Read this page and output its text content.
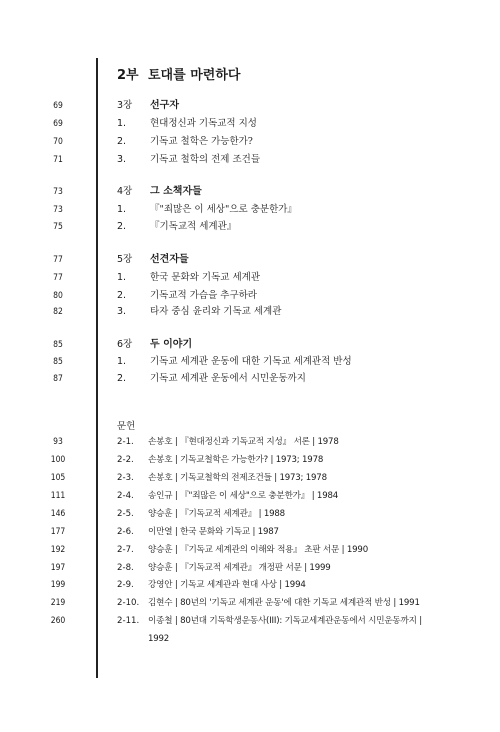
2부 토대를 마련하다
69	3장 선구자
69	1.	현대정신과 기독교적 지성
70	2.	기독교 철학은 가능한가?
71	3.	기독교 철학의 전제 조건들
73	4장 그 소책자들
73	1.	『"죄많은 이 세상"으로 충분한가』
75	2.	『기독교적 세계관』
77	5장 선견자들
77	1.	한국 문화와 기독교 세계관
80	2.	기독교적 가슴을 추구하라
82	3.	타자 중심 윤리와 기독교 세계관
85	6장 두 이야기
85	1.	기독교 세계관 운동에 대한 기독교 세계관적 반성
87	2.	기독교 세계관 운동에서 시민운동까지
문헌
93	2-1. 손봉호 | 『현대정신과 기독교적 지성』 서론 | 1978
100	2-2. 손봉호 | 기독교철학은 가능한가? | 1973; 1978
105	2-3. 손봉호 | 기독교철학의 전제조건들 | 1973; 1978
111	2-4. 송인규 | 『"죄많은 이 세상"으로 충분한가』 | 1984
146	2-5. 양승훈 | 『기독교적 세계관』 | 1988
177	2-6. 이만열 | 한국 문화와 기독교 | 1987
192	2-7. 양승훈 | 『기독교 세계관의 이해와 적용』 초판 서문 | 1990
197	2-8. 양승훈 | 『기독교적 세계관』 개정판 서문 | 1999
199	2-9. 강영안 | 기독교 세계관과 현대 사상 | 1994
219	2-10. 김현수 | 80년의 '기독교 세계관 운동'에 대한 기독교 세계관적 반성 | 1991
260	2-11. 이종철 | 80년대 기독학생운동사(III): 기독교세계관운동에서 시민운동까지 |
1992
